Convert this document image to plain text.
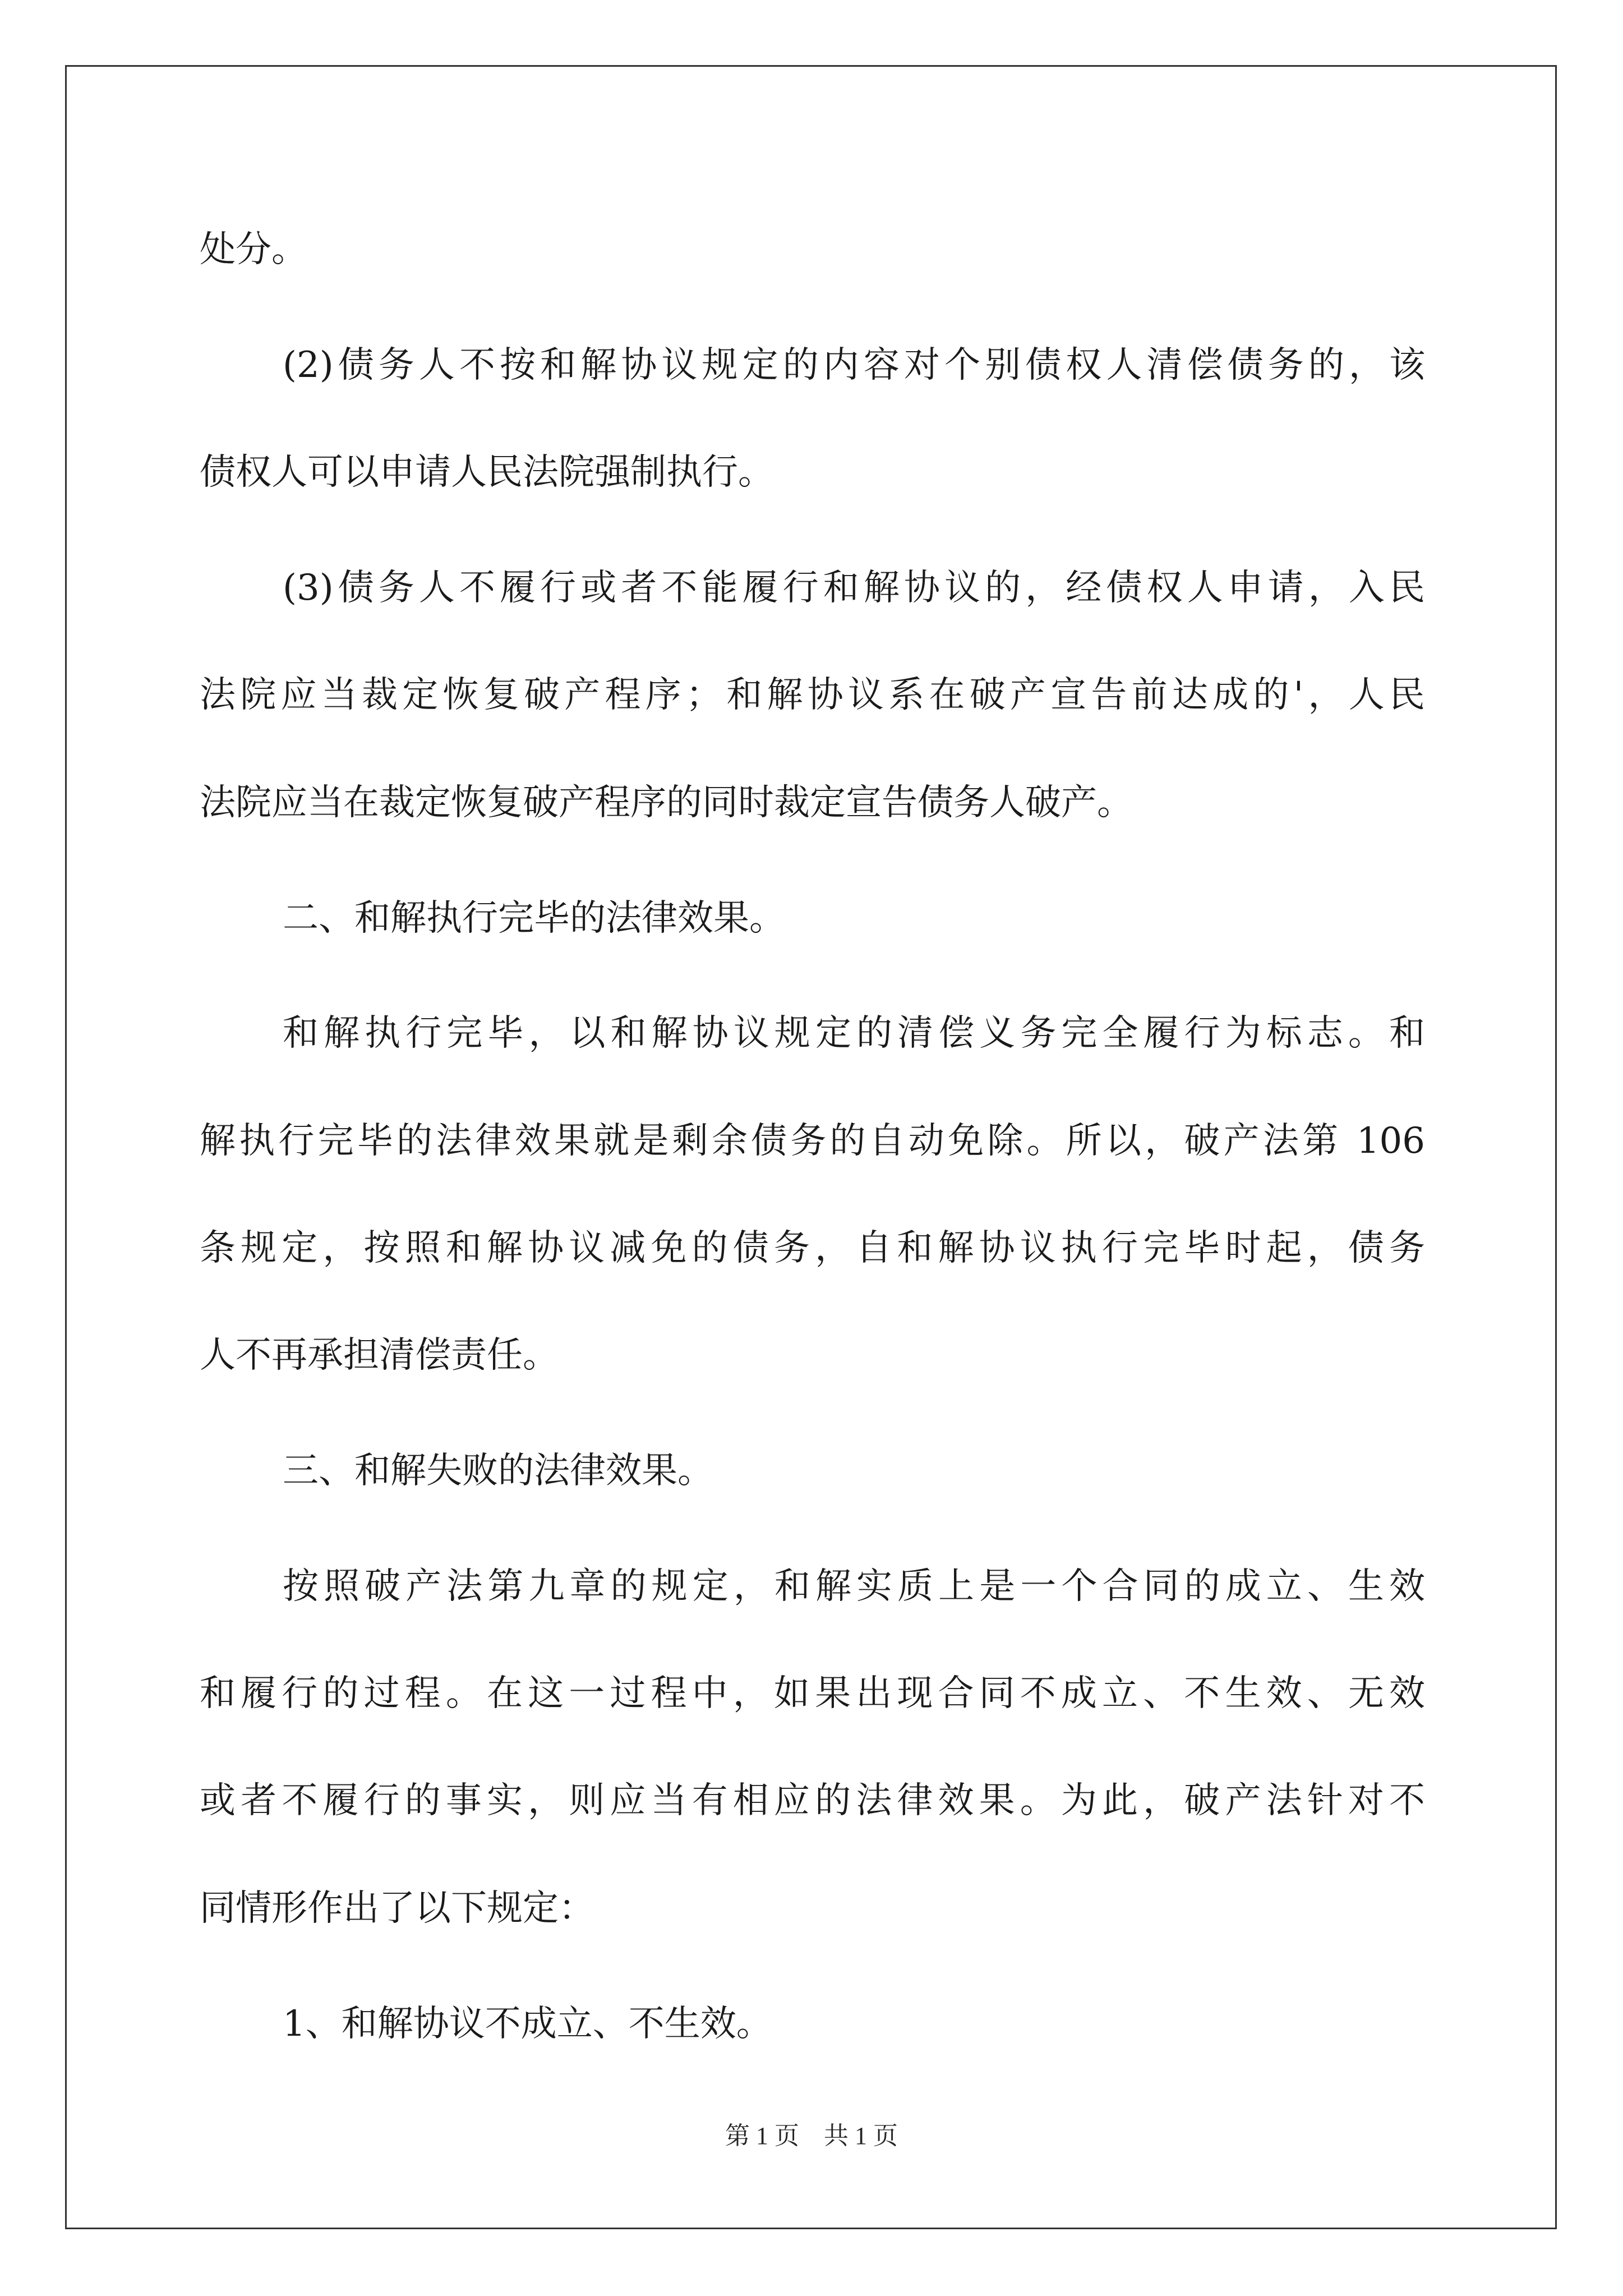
处分。

(2)债务人不按和解协议规定的内容对个别债权人清偿债务的，该

债权人可以申请人民法院强制执行。

(3)债务人不履行或者不能履行和解协议的，经债权人申请，入民

法院应当裁定恢复破产程序；和解协议系在破产宣告前达成的'，人民

法院应当在裁定恢复破产程序的同时裁定宣告债务人破产。

二、和解执行完毕的法律效果。

和解执行完毕，以和解协议规定的清偿义务完全履行为标志。和

解执行完毕的法律效果就是剩余债务的自动免除。所以，破产法第 106

条规定，按照和解协议减免的债务，自和解协议执行完毕时起，债务

人不再承担清偿责任。

三、和解失败的法律效果。

按照破产法第九章的规定，和解实质上是一个合同的成立、生效

和履行的过程。在这一过程中，如果出现合同不成立、不生效、无效

或者不履行的事实，则应当有相应的法律效果。为此，破产法针对不

同情形作出了以下规定：

1、和解协议不成立、不生效。

第 1 页　共 1 页
